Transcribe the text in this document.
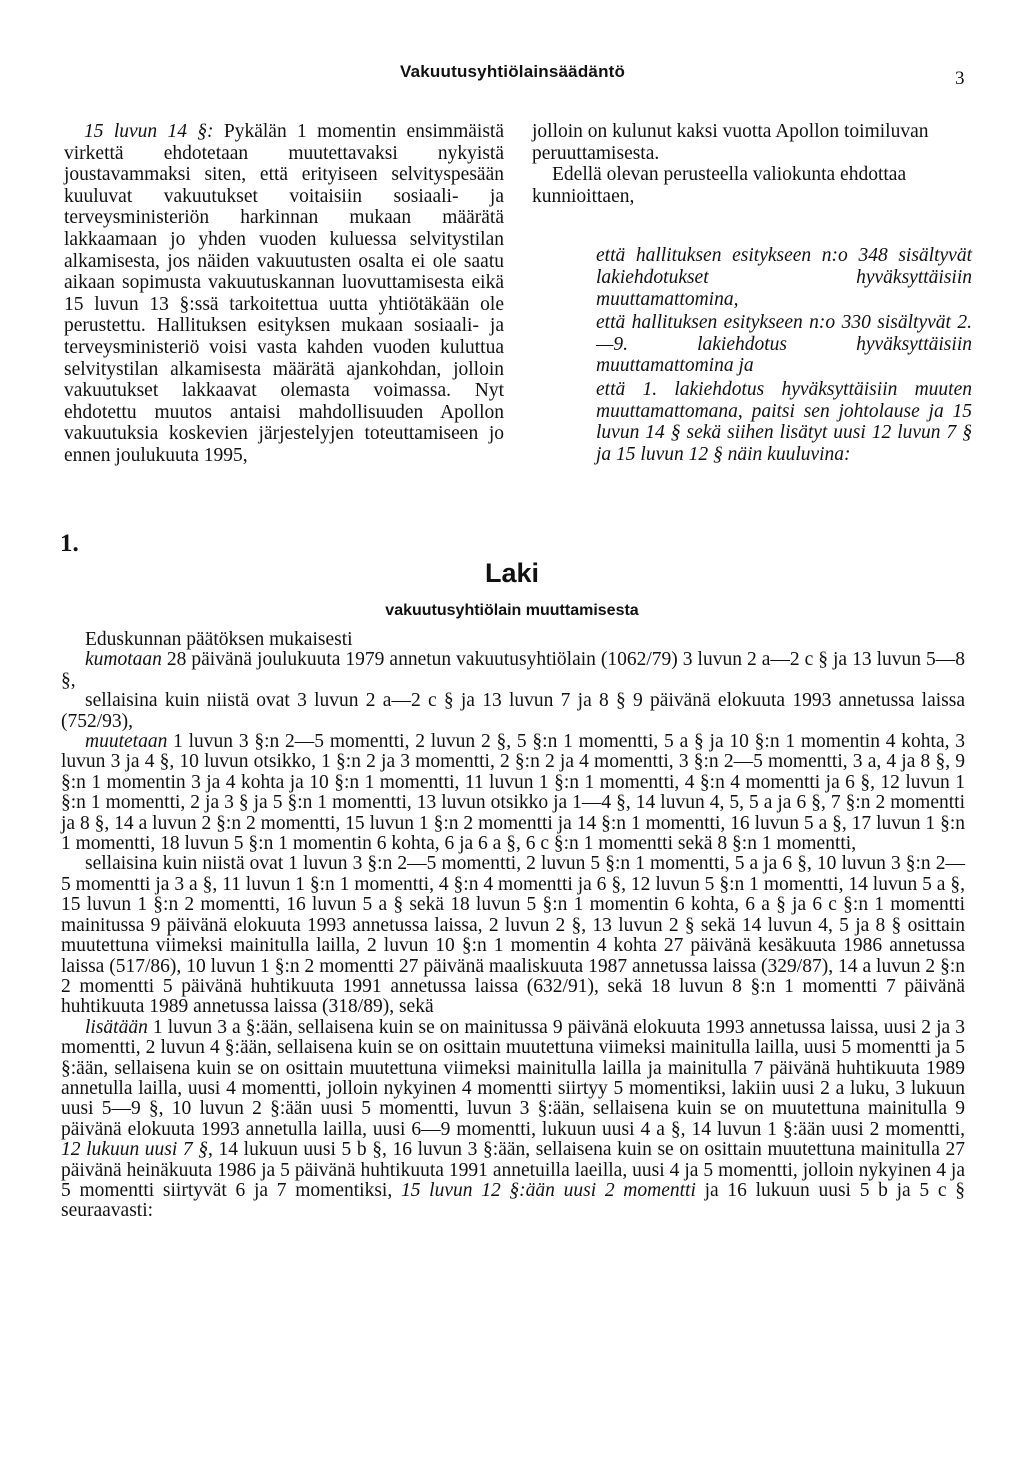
Vakuutusyhtiölainsäädäntö	3

15 luvun 14 §: Pykälän 1 momentin ensimmäistä virkettä ehdotetaan muutettavaksi nykyistä joustavammaksi siten, että erityiseen selvityspesään kuuluvat vakuutukset voitaisiin sosiaali- ja terveysministeriön harkinnan mukaan määrätä lakkaamaan jo yhden vuoden kuluessa selvitystilan alkamisesta, jos näiden vakuutusten osalta ei ole saatu aikaan sopimusta vakuutuskannan luovuttamisesta eikä 15 luvun 13 §:ssä tarkoitettua uutta yhtiötäkään ole perustettu. Hallituksen esityksen mukaan sosiaali- ja terveysministeriö voisi vasta kahden vuoden kuluttua selvitystilan alkamisesta määrätä ajankohdan, jolloin vakuutukset lakkaavat olemasta voimassa. Nyt ehdotettu muutos antaisi mahdollisuuden Apollon vakuutuksia koskevien järjestelyjen toteuttamiseen jo ennen joulukuuta 1995,

jolloin on kulunut kaksi vuotta Apollon toimiluvan peruuttamisesta.

Edellä olevan perusteella valiokunta ehdottaa kunnioittaen,

että hallituksen esitykseen n:o 348 sisältyvät lakiehdotukset hyväksyttäisiin muuttamattomina,

että hallituksen esitykseen n:o 330 sisältyvät 2.—9. lakiehdotus hyväksyttäisiin muuttamattomina ja

että 1. lakiehdotus hyväksyttäisiin muuten muuttamattomana, paitsi sen johtolause ja 15 luvun 14 § sekä siihen lisätyt uusi 12 luvun 7 § ja 15 luvun 12 § näin kuuluvina:

1.
Laki
vakuutusyhtiölain muuttamisesta

Eduskunnan päätöksen mukaisesti

kumotaan 28 päivänä joulukuuta 1979 annetun vakuutusyhtiölain (1062/79) 3 luvun 2 a—2 c § ja 13 luvun 5—8 §,

sellaisina kuin niistä ovat 3 luvun 2 a—2 c § ja 13 luvun 7 ja 8 § 9 päivänä elokuuta 1993 annetussa laissa (752/93),

muutetaan 1 luvun 3 §:n 2—5 momentti, 2 luvun 2 §, 5 §:n 1 momentti, 5 a § ja 10 §:n 1 momentin 4 kohta, 3 luvun 3 ja 4 §, 10 luvun otsikko, 1 §:n 2 ja 3 momentti, 2 §:n 2 ja 4 momentti, 3 §:n 2—5 momentti, 3 a, 4 ja 8 §, 9 §:n 1 momentin 3 ja 4 kohta ja 10 §:n 1 momentti, 11 luvun 1 §:n 1 momentti, 4 §:n 4 momentti ja 6 §, 12 luvun 1 §:n 1 momentti, 2 ja 3 § ja 5 §:n 1 momentti, 13 luvun otsikko ja 1—4 §, 14 luvun 4, 5, 5 a ja 6 §, 7 §:n 2 momentti ja 8 §, 14 a luvun 2 §:n 2 momentti, 15 luvun 1 §:n 2 momentti ja 14 §:n 1 momentti, 16 luvun 5 a §, 17 luvun 1 §:n 1 momentti, 18 luvun 5 §:n 1 momentin 6 kohta, 6 ja 6 a §, 6 c §:n 1 momentti sekä 8 §:n 1 momentti,

sellaisina kuin niistä ovat 1 luvun 3 §:n 2—5 momentti, 2 luvun 5 §:n 1 momentti, 5 a ja 6 §, 10 luvun 3 §:n 2—5 momentti ja 3 a §, 11 luvun 1 §:n 1 momentti, 4 §:n 4 momentti ja 6 §, 12 luvun 5 §:n 1 momentti, 14 luvun 5 a §, 15 luvun 1 §:n 2 momentti, 16 luvun 5 a § sekä 18 luvun 5 §:n 1 momentin 6 kohta, 6 a § ja 6 c §:n 1 momentti mainitussa 9 päivänä elokuuta 1993 annetussa laissa, 2 luvun 2 §, 13 luvun 2 § sekä 14 luvun 4, 5 ja 8 § osittain muutettuna viimeksi mainitulla laillа, 2 luvun 10 §:n 1 momentin 4 kohta 27 päivänä kesäkuuta 1986 annetussa laissa (517/86), 10 luvun 1 §:n 2 momentti 27 päivänä maaliskuuta 1987 annetussa laissa (329/87), 14 a luvun 2 §:n 2 momentti 5 päivänä huhtikuuta 1991 annetussa laissa (632/91), sekä 18 luvun 8 §:n 1 momentti 7 päivänä huhtikuuta 1989 annetussa laissa (318/89), sekä

lisätään 1 luvun 3 a §:ään, sellaisena kuin se on mainitussa 9 päivänä elokuuta 1993 annetussa laissa, uusi 2 ja 3 momentti, 2 luvun 4 §:ään, sellaisena kuin se on osittain muutettuna viimeksi mainitulla laillа, uusi 5 momentti ja 5 §:ään, sellaisena kuin se on osittain muutettuna viimeksi mainitulla laillа ja mainitulla 7 päivänä huhtikuuta 1989 annetulla laillа, uusi 4 momentti, jolloin nykyinen 4 momentti siirtyy 5 momentiksi, lakiin uusi 2 a luku, 3 lukuun uusi 5—9 §, 10 luvun 2 §:ään uusi 5 momentti, luvun 3 §:ään, sellaisena kuin se on muutettuna mainitulla 9 päivänä elokuuta 1993 annetulla laillа, uusi 6—9 momentti, lukuun uusi 4 a §, 14 luvun 1 §:ään uusi 2 momentti, 12 lukuun uusi 7 §, 14 lukuun uusi 5 b §, 16 luvun 3 §:ään, sellaisena kuin se on osittain muutettuna mainitulla 27 päivänä heinäkuuta 1986 ja 5 päivänä huhtikuuta 1991 annetuilla laeilla, uusi 4 ja 5 momentti, jolloin nykyinen 4 ja 5 momentti siirtyvät 6 ja 7 momentiksi, 15 luvun 12 §:ään uusi 2 momentti ja 16 lukuun uusi 5 b ja 5 c § seuraavasti:
